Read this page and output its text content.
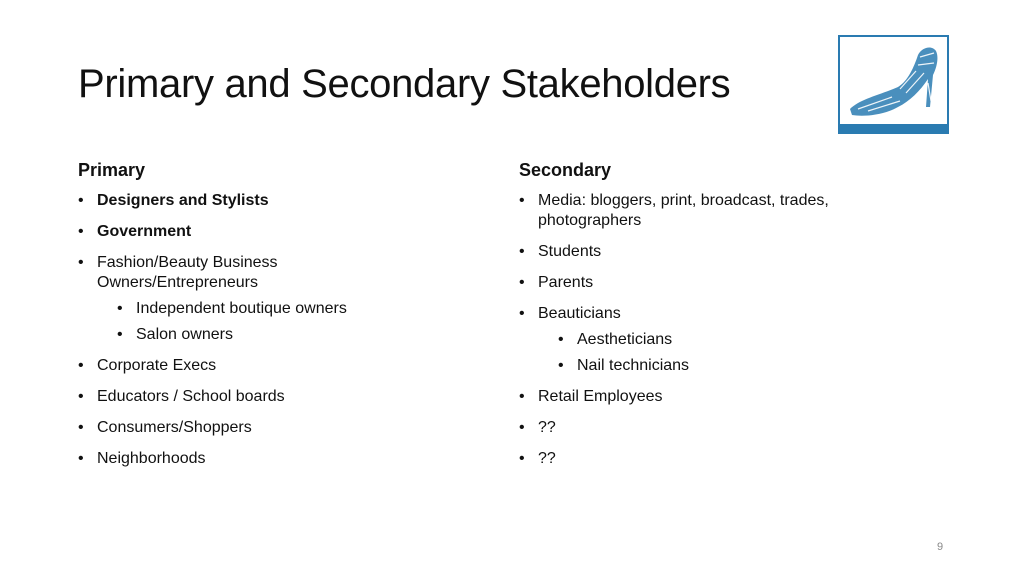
Primary and Secondary Stakeholders
Primary
• Designers and Stylists
• Government
• Fashion/Beauty Business Owners/Entrepreneurs
• Independent boutique owners
• Salon owners
• Corporate Execs
• Educators / School boards
• Consumers/Shoppers
• Neighborhoods
Secondary
• Media: bloggers, print, broadcast, trades, photographers
• Students
• Parents
• Beauticians
• Aestheticians
• Nail technicians
• Retail Employees
• ??
• ??
9
